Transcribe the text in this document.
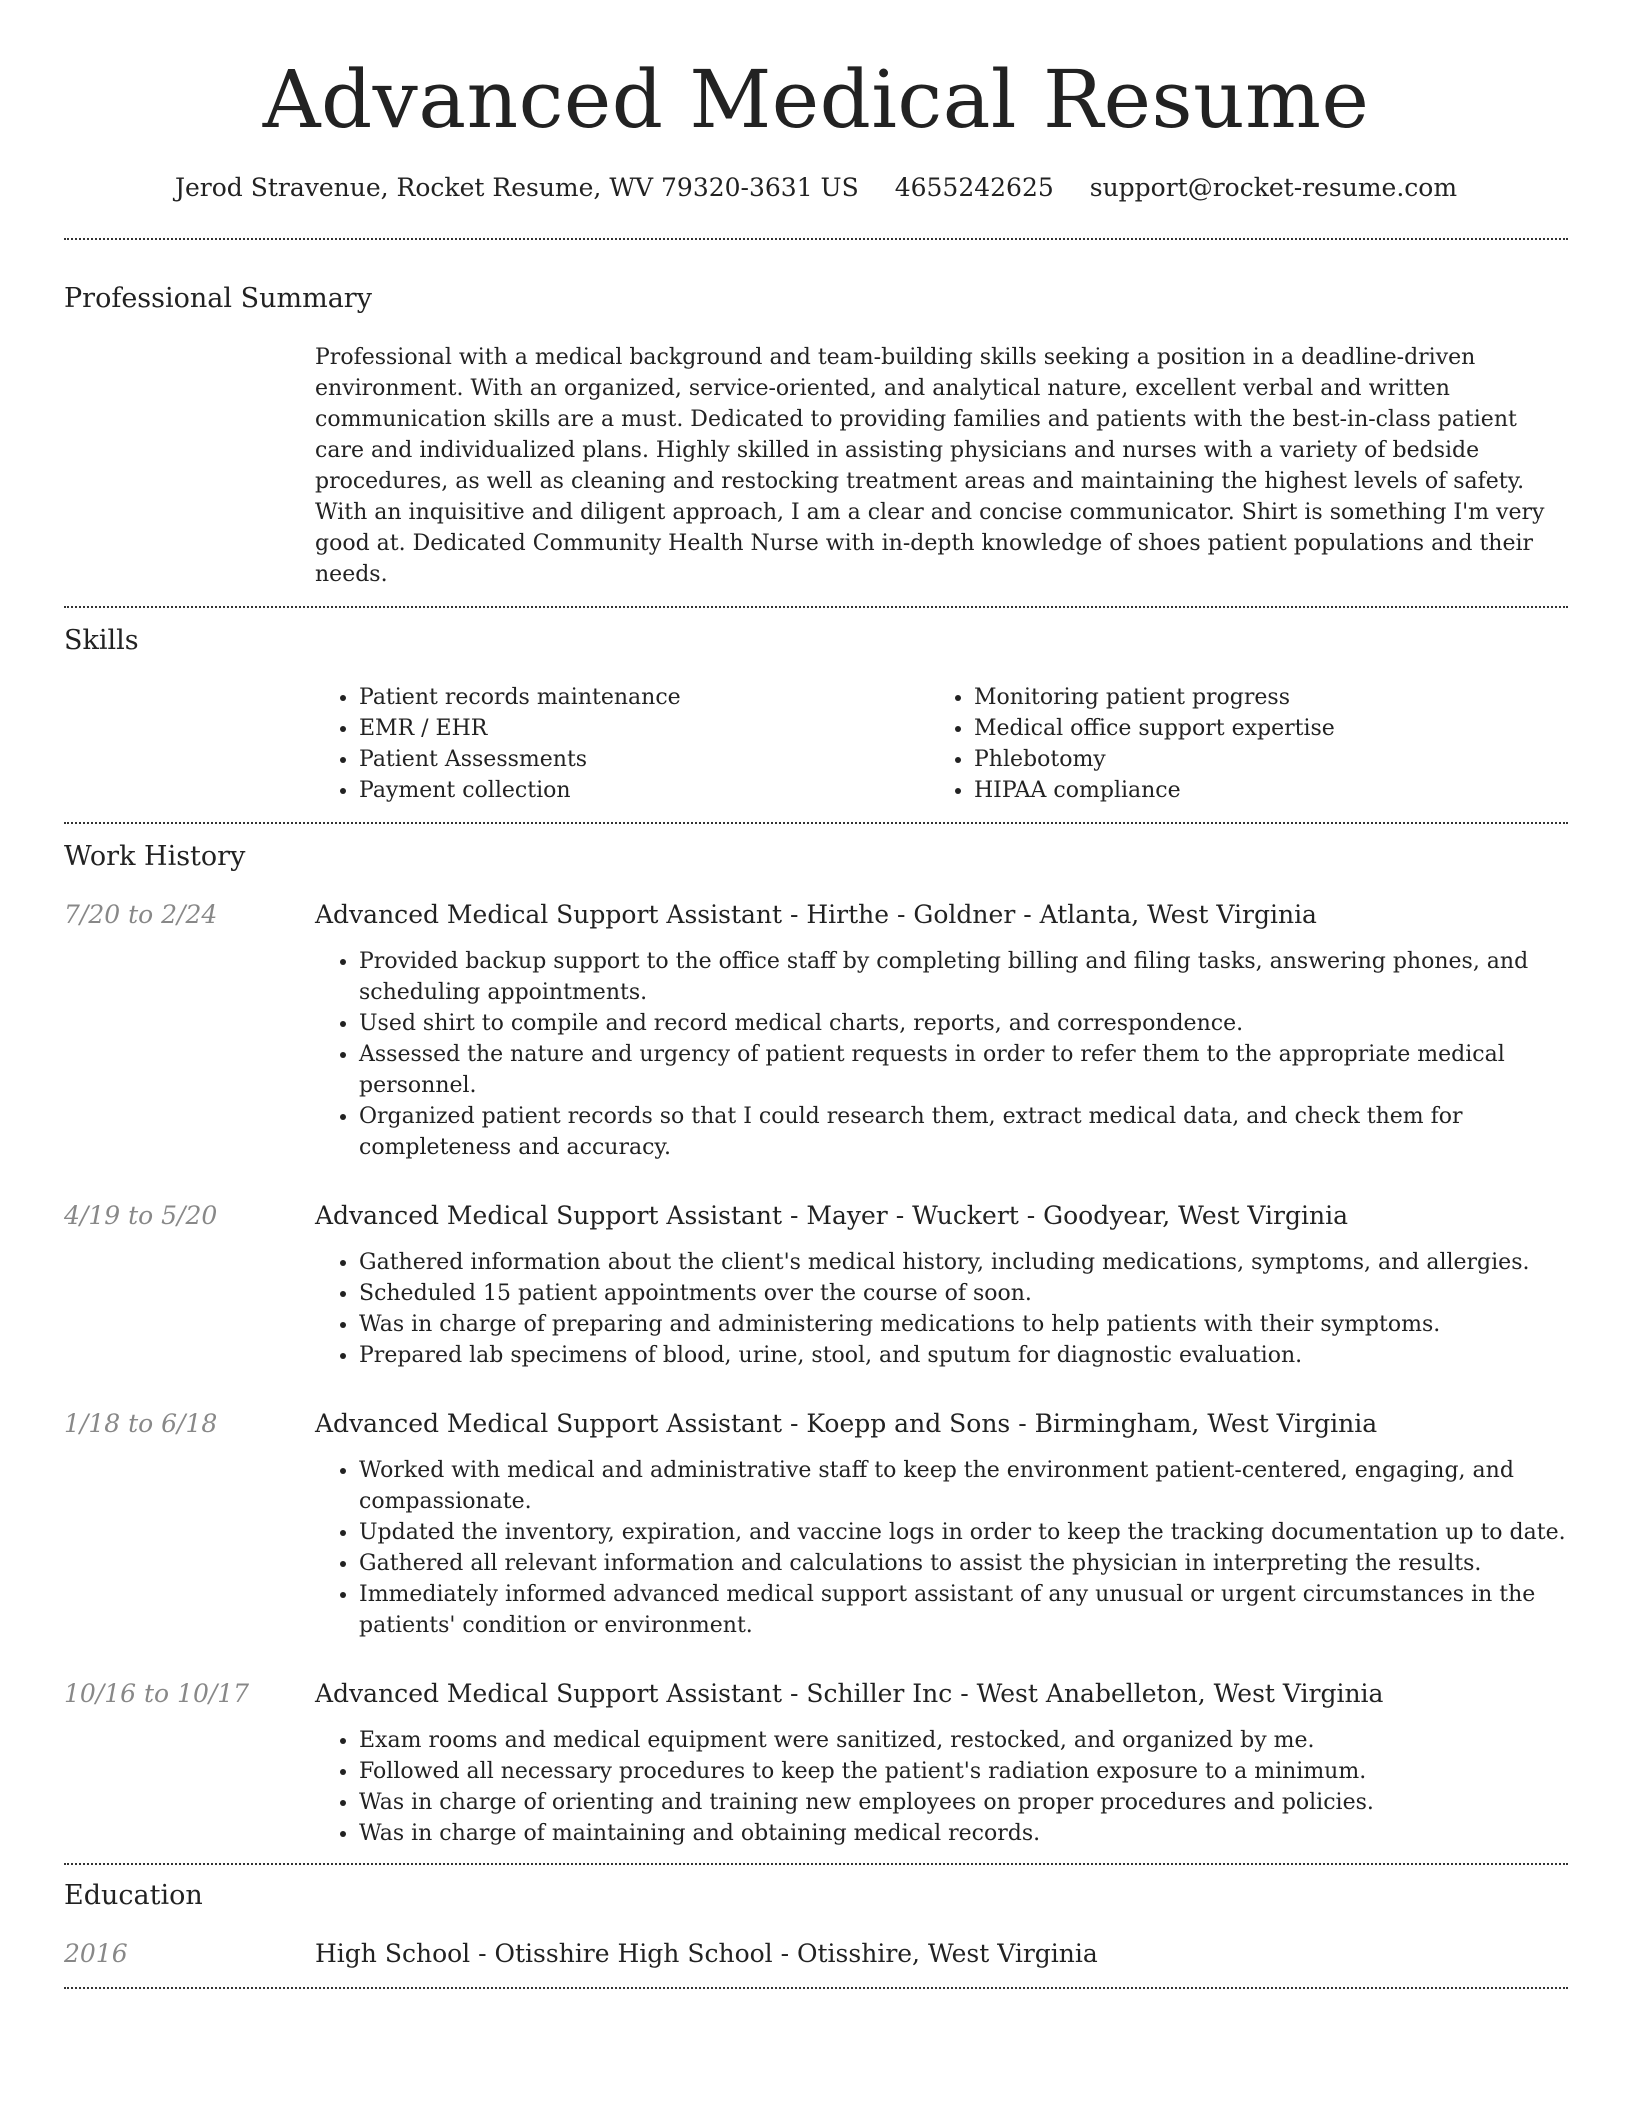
Advanced Medical Resume
Jerod Stravenue, Rocket Resume, WV 79320-3631 US 4655242625 support@rocket-resume.com
Professional Summary
Professional with a medical background and team-building skills seeking a position in a deadline-driven environment. With an organized, service-oriented, and analytical nature, excellent verbal and written communication skills are a must. Dedicated to providing families and patients with the best-in-class patient care and individualized plans. Highly skilled in assisting physicians and nurses with a variety of bedside procedures, as well as cleaning and restocking treatment areas and maintaining the highest levels of safety. With an inquisitive and diligent approach, I am a clear and concise communicator. Shirt is something I'm very good at. Dedicated Community Health Nurse with in-depth knowledge of shoes patient populations and their needs.
Skills
• Patient records maintenance
• EMR / EHR
• Patient Assessments
• Payment collection
• Monitoring patient progress
• Medical office support expertise
• Phlebotomy
• HIPAA compliance
Work History
7/20 to 2/24	Advanced Medical Support Assistant - Hirthe - Goldner - Atlanta, West Virginia
• Provided backup support to the office staff by completing billing and filing tasks, answering phones, and scheduling appointments.
• Used shirt to compile and record medical charts, reports, and correspondence.
• Assessed the nature and urgency of patient requests in order to refer them to the appropriate medical personnel.
• Organized patient records so that I could research them, extract medical data, and check them for completeness and accuracy.
4/19 to 5/20	Advanced Medical Support Assistant - Mayer - Wuckert - Goodyear, West Virginia
• Gathered information about the client's medical history, including medications, symptoms, and allergies.
• Scheduled 15 patient appointments over the course of soon.
• Was in charge of preparing and administering medications to help patients with their symptoms.
• Prepared lab specimens of blood, urine, stool, and sputum for diagnostic evaluation.
1/18 to 6/18	Advanced Medical Support Assistant - Koepp and Sons - Birmingham, West Virginia
• Worked with medical and administrative staff to keep the environment patient-centered, engaging, and compassionate.
• Updated the inventory, expiration, and vaccine logs in order to keep the tracking documentation up to date.
• Gathered all relevant information and calculations to assist the physician in interpreting the results.
• Immediately informed advanced medical support assistant of any unusual or urgent circumstances in the patients' condition or environment.
10/16 to 10/17	Advanced Medical Support Assistant - Schiller Inc - West Anabelleton, West Virginia
• Exam rooms and medical equipment were sanitized, restocked, and organized by me.
• Followed all necessary procedures to keep the patient's radiation exposure to a minimum.
• Was in charge of orienting and training new employees on proper procedures and policies.
• Was in charge of maintaining and obtaining medical records.
Education
2016	High School - Otisshire High School - Otisshire, West Virginia
